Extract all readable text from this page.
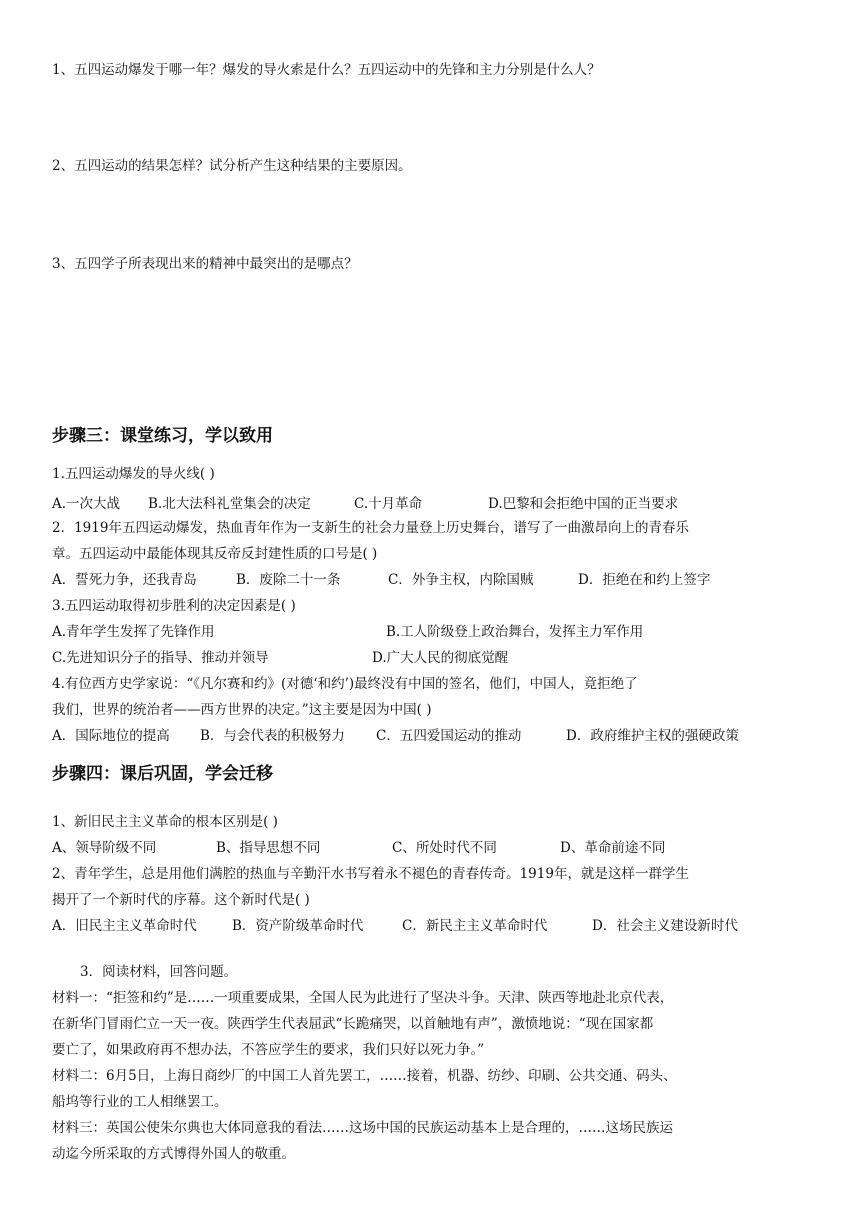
1、五四运动爆发于哪一年？爆发的导火索是什么？五四运动中的先锋和主力分别是什么人？
2、五四运动的结果怎样？试分析产生这种结果的主要原因。
3、五四学子所表现出来的精神中最突出的是哪点？
步骤三：课堂练习，学以致用
1.五四运动爆发的导火线( )
A.一次大战 B.北大法科礼堂集会的决定	C.十月革命	D.巴黎和会拒绝中国的正当要求
2．1919年五四运动爆发，热血青年作为一支新生的社会力量登上历史舞台，谱写了一曲激昂向上的青春乐
章。五四运动中最能体现其反帝反封建性质的口号是( )
A．誓死力争，还我青岛	B．废除二十一条	C．外争主权，内除国贼	D．拒绝在和约上签字
3.五四运动取得初步胜利的决定因素是( )
A.青年学生发挥了先锋作用	B.工人阶级登上政治舞台，发挥主力军作用
C.先进知识分子的指导、推动并领导	D.广大人民的彻底觉醒
4.有位西方史学家说：“《凡尔赛和约》(对德‘和约’)最终没有中国的签名，他们，中国人，竟拒绝了
我们，世界的统治者——西方世界的决定。”这主要是因为中国( )
A．国际地位的提高 B．与会代表的积极努力 C．五四爱国运动的推动	D．政府维护主权的强硬政策
步骤四：课后巩固，学会迁移
1、新旧民主主义革命的根本区别是( )
A、领导阶级不同	B、指导思想不同	C、所处时代不同	D、革命前途不同
2、青年学生，总是用他们满腔的热血与辛勤汗水书写着永不褪色的青春传奇。1919年，就是这样一群学生
揭开了一个新时代的序幕。这个新时代是( )
A．旧民主主义革命时代	B．资产阶级革命时代	C．新民主主义革命时代	D．社会主义建设新时代
3．阅读材料，回答问题。
材料一：“拒签和约”是……一项重要成果，全国人民为此进行了坚决斗争。天津、陕西等地赴北京代表，
在新华门冒雨伫立一天一夜。陕西学生代表屈武“长跪痛哭，以首触地有声”，激愤地说：“现在国家都
要亡了，如果政府再不想办法，不答应学生的要求，我们只好以死力争。”
材料二：6月5日，上海日商纱厂的中国工人首先罢工，……接着，机器、纺纱、印刷、公共交通、码头、
船坞等行业的工人相继罢工。
材料三：英国公使朱尔典也大体同意我的看法……这场中国的民族运动基本上是合理的，……这场民族运
动迄今所采取的方式博得外国人的敬重。
